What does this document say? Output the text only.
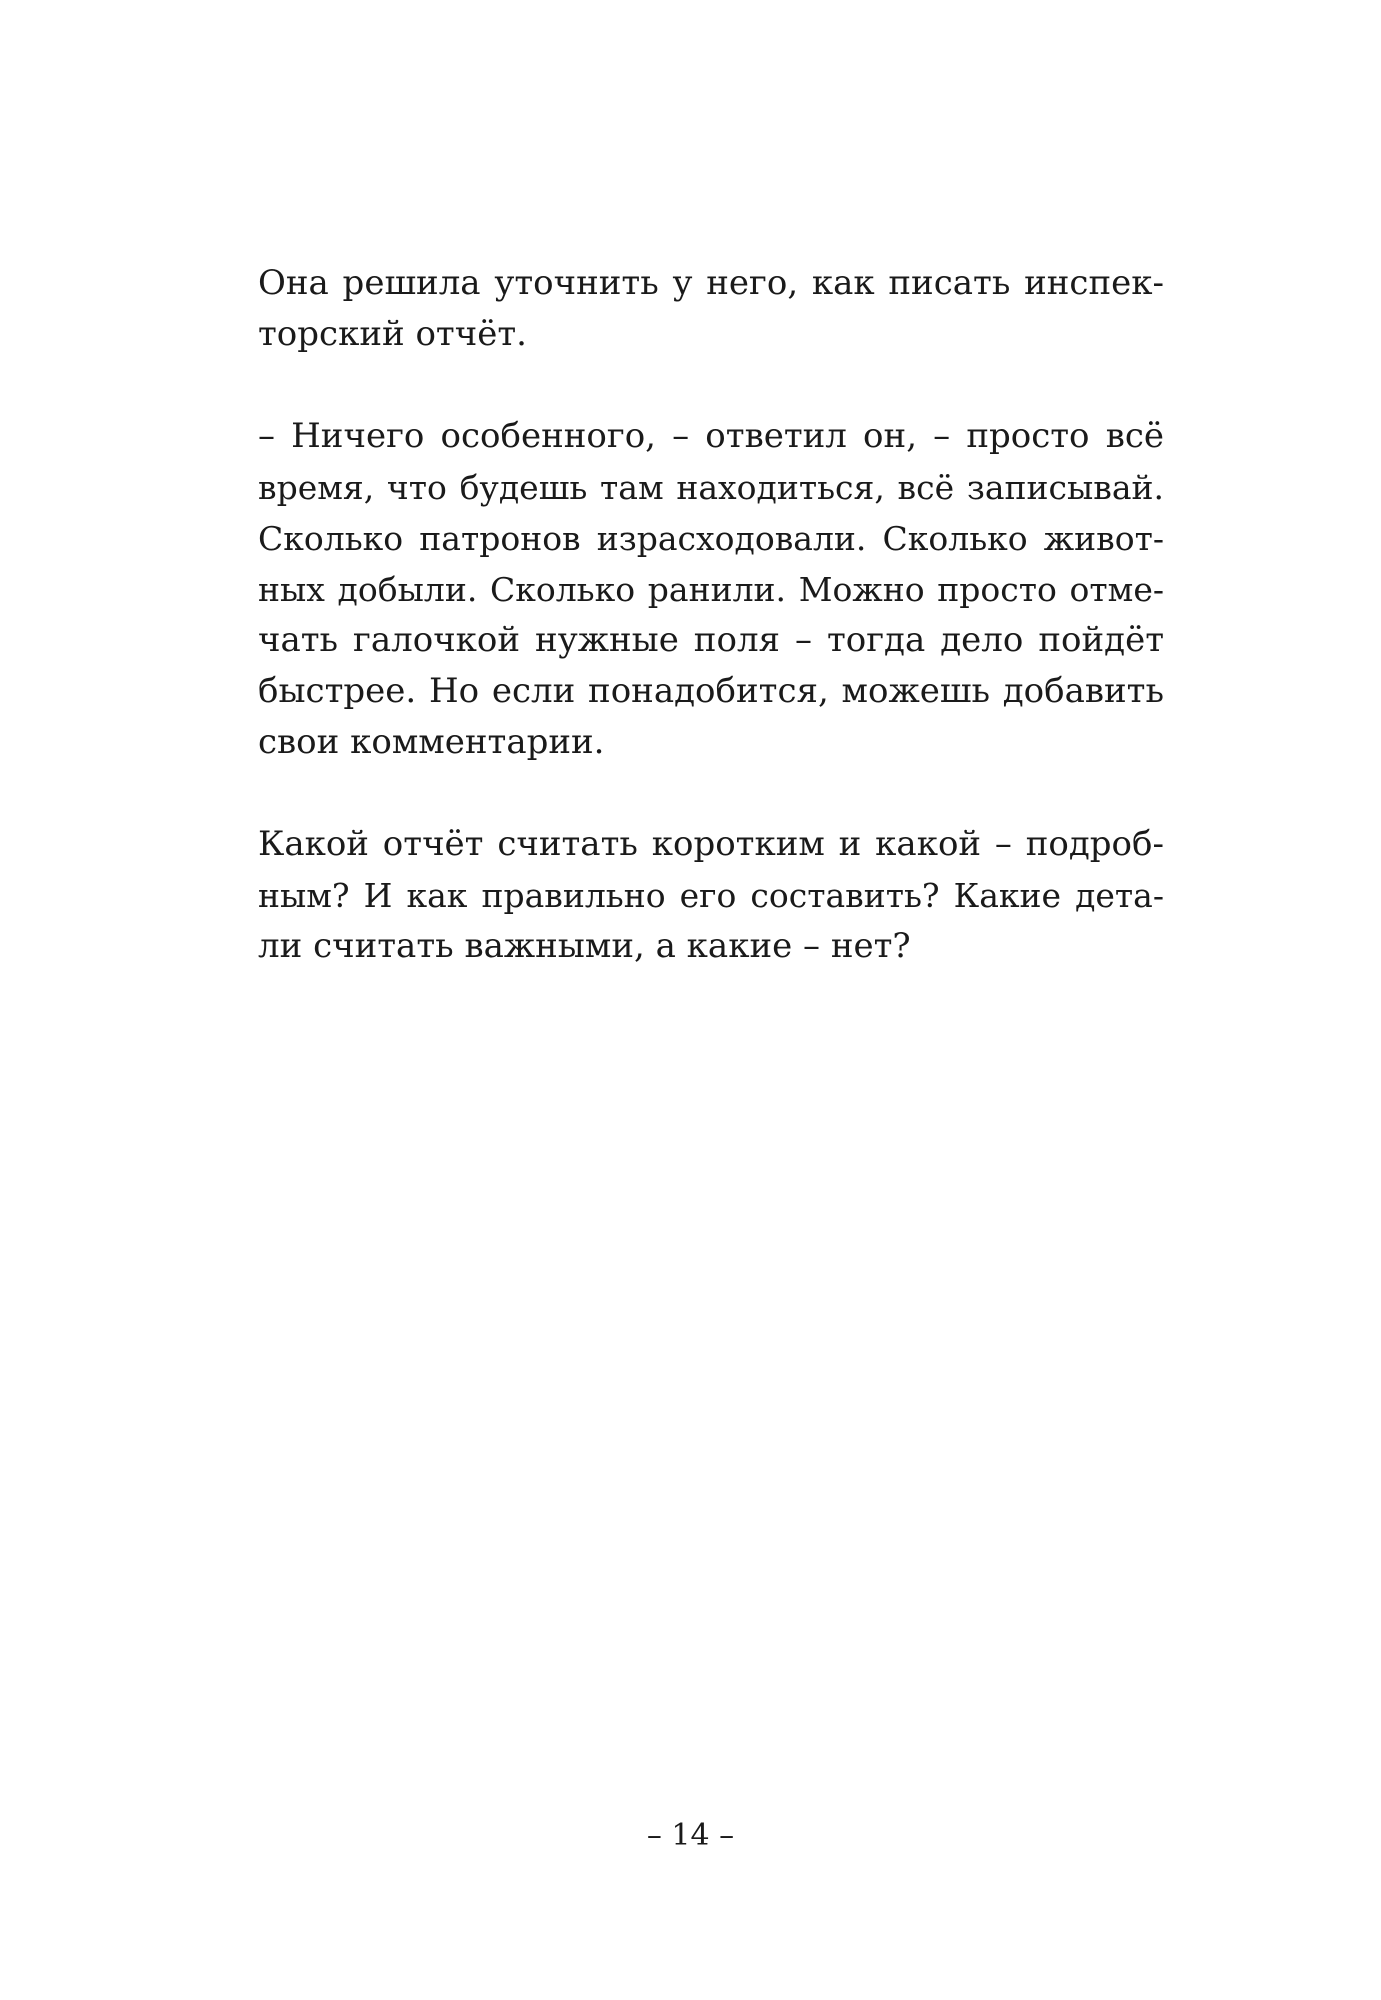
Она решила уточнить у него, как писать инспек-
торский отчёт.
– Ничего особенного, – ответил он, – просто всё
время, что будешь там находиться, всё записывай.
Сколько патронов израсходовали. Сколько живот-
ных добыли. Сколько ранили. Можно просто отме-
чать галочкой нужные поля – тогда дело пойдёт
быстрее. Но если понадобится, можешь добавить
свои комментарии.
Какой отчёт считать коротким и какой – подроб-
ным? И как правильно его составить? Какие дета-
ли считать важными, а какие – нет?
– 14 –
